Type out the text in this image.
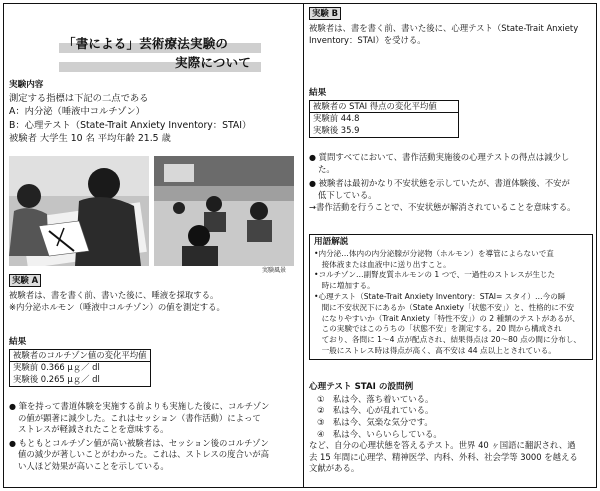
「書による」芸術療法実験の
実際について
実験内容
測定する指標は下記の二点である
A：内分泌（唾液中コルチゾン）
B：心理テスト（State-Trait Anxiety Inventory：STAI）
被験者 大学生 10 名 平均年齢 21.5 歳
実験風景
実験 A
被験者は、書を書く前、書いた後に、唾液を採取する。
※内分泌ホルモン（唾液中コルチゾン）の値を測定する。
結果
被験者のコルチゾン値の変化平均値
実験前 0.366 μｇ／ dl
実験後 0.265 μｇ／ dl
● 筆を持って書道体験を実施する前よりも実施した後に、コルチゾン
の値が顕著に減少した。これはセッション（書作活動）によって
ストレスが軽減されたことを意味する。
● もともとコルチゾン値が高い被験者は、セッション後のコルチゾン
値の減少が著しいことがわかった。これは、ストレスの度合いが高
い人ほど効果が高いことを示している。
実験 B
被験者は、書を書く前、書いた後に、心理テスト（State-Trait Anxiety
Inventory：STAI）を受ける。
結果
被験者の STAI 得点の変化平均値
実験前 44.8
実験後 35.9
● 質問すべてにおいて、書作活動実施後の心理テストの得点は減少し
た。
● 被験者は最初かなり不安状態を示していたが、書道体験後、不安が
低下している。
→書作活動を行うことで、不安状態が解消されていることを意味する。
用語解説
•内分泌…体内の内分泌腺が分泌物（ホルモン）を導管によらないで直
　接体液または血液中に送り出すこと。
•コルチゾン…副腎皮質ホルモンの 1 つで、一過性のストレスが生じた
　時に増加する。
•心理テスト（State-Trait Anxiety Inventory：STAI= スタイ）…今の瞬
　間に不安状況下にあるか（State Anxiety「状態不安」）と、性格的に不安
　になりやすいか（Trait Anxiety「特性不安」）の 2 種類のテストがあるが、
　この実験ではこのうちの「状態不安」を測定する。20 問から構成され
　ており、各問に 1～4 点が配点され、結果得点は 20～80 点の間に分布し、
　一般にストレス時は得点が高く、高不安は 44 点以上とされている。
心理テスト STAI の設問例
①　私は今、落ち着いている。
②　私は今、心が乱れている。
③　私は今、気楽な気分です。
④　私は今、いらいらしている。
など、自分の心理状態を答えるテスト。世界 40 ヶ国語に翻訳され、過
去 15 年間に心理学、精神医学、内科、外科、社会学等 3000 を越える
文献がある。
